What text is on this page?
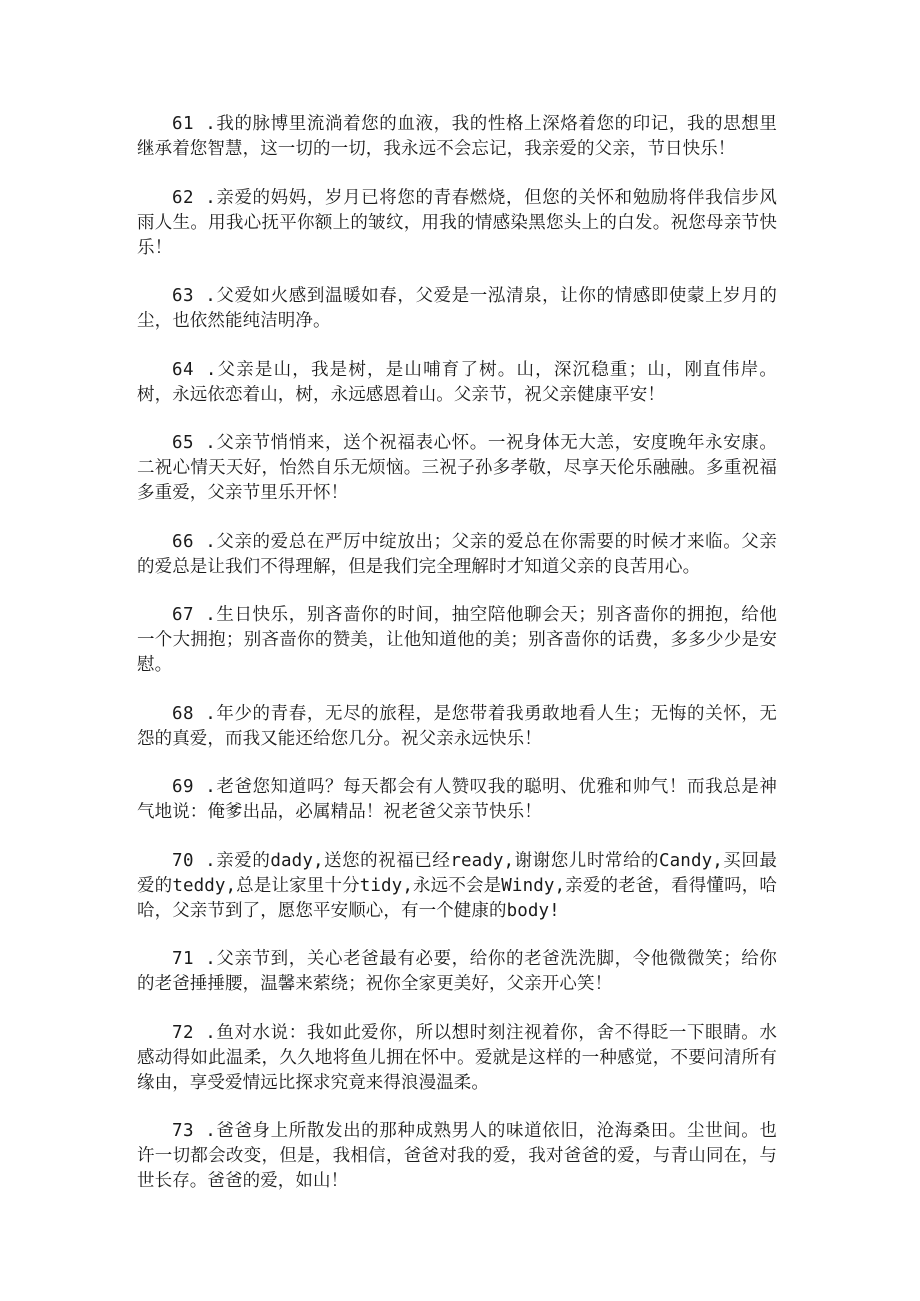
61 .我的脉博里流淌着您的血液，我的性格上深烙着您的印记，我的思想里继承着您智慧，这一切的一切，我永远不会忘记，我亲爱的父亲，节日快乐！

62 .亲爱的妈妈，岁月已将您的青春燃烧，但您的关怀和勉励将伴我信步风雨人生。用我心抚平你额上的皱纹，用我的情感染黑您头上的白发。祝您母亲节快乐！

63 .父爱如火感到温暖如春，父爱是一泓清泉，让你的情感即使蒙上岁月的尘，也依然能纯洁明净。

64 .父亲是山，我是树，是山哺育了树。山，深沉稳重；山，刚直伟岸。树，永远依恋着山，树，永远感恩着山。父亲节，祝父亲健康平安！

65 .父亲节悄悄来，送个祝福表心怀。一祝身体无大恙，安度晚年永安康。二祝心情天天好，怡然自乐无烦恼。三祝子孙多孝敬，尽享天伦乐融融。多重祝福多重爱，父亲节里乐开怀！

66 .父亲的爱总在严厉中绽放出；父亲的爱总在你需要的时候才来临。父亲的爱总是让我们不得理解，但是我们完全理解时才知道父亲的良苦用心。

67 .生日快乐，别吝啬你的时间，抽空陪他聊会天；别吝啬你的拥抱，给他一个大拥抱；别吝啬你的赞美，让他知道他的美；别吝啬你的话费，多多少少是安慰。

68 .年少的青春，无尽的旅程，是您带着我勇敢地看人生；无悔的关怀，无怨的真爱，而我又能还给您几分。祝父亲永远快乐！

69 .老爸您知道吗？每天都会有人赞叹我的聪明、优雅和帅气！而我总是神气地说：俺爹出品，必属精品！祝老爸父亲节快乐！

70 .亲爱的dady,送您的祝福已经ready,谢谢您儿时常给的Candy,买回最爱的teddy,总是让家里十分tidy,永远不会是Windy,亲爱的老爸，看得懂吗，哈哈，父亲节到了，愿您平安顺心，有一个健康的body!

71 .父亲节到，关心老爸最有必要，给你的老爸洗洗脚，令他微微笑；给你的老爸捶捶腰，温馨来萦绕；祝你全家更美好，父亲开心笑！

72 .鱼对水说：我如此爱你，所以想时刻注视着你，舍不得眨一下眼睛。水感动得如此温柔，久久地将鱼儿拥在怀中。爱就是这样的一种感觉，不要问清所有缘由，享受爱情远比探求究竟来得浪漫温柔。

73 .爸爸身上所散发出的那种成熟男人的味道依旧，沧海桑田。尘世间。也许一切都会改变，但是，我相信，爸爸对我的爱，我对爸爸的爱，与青山同在，与世长存。爸爸的爱，如山！
